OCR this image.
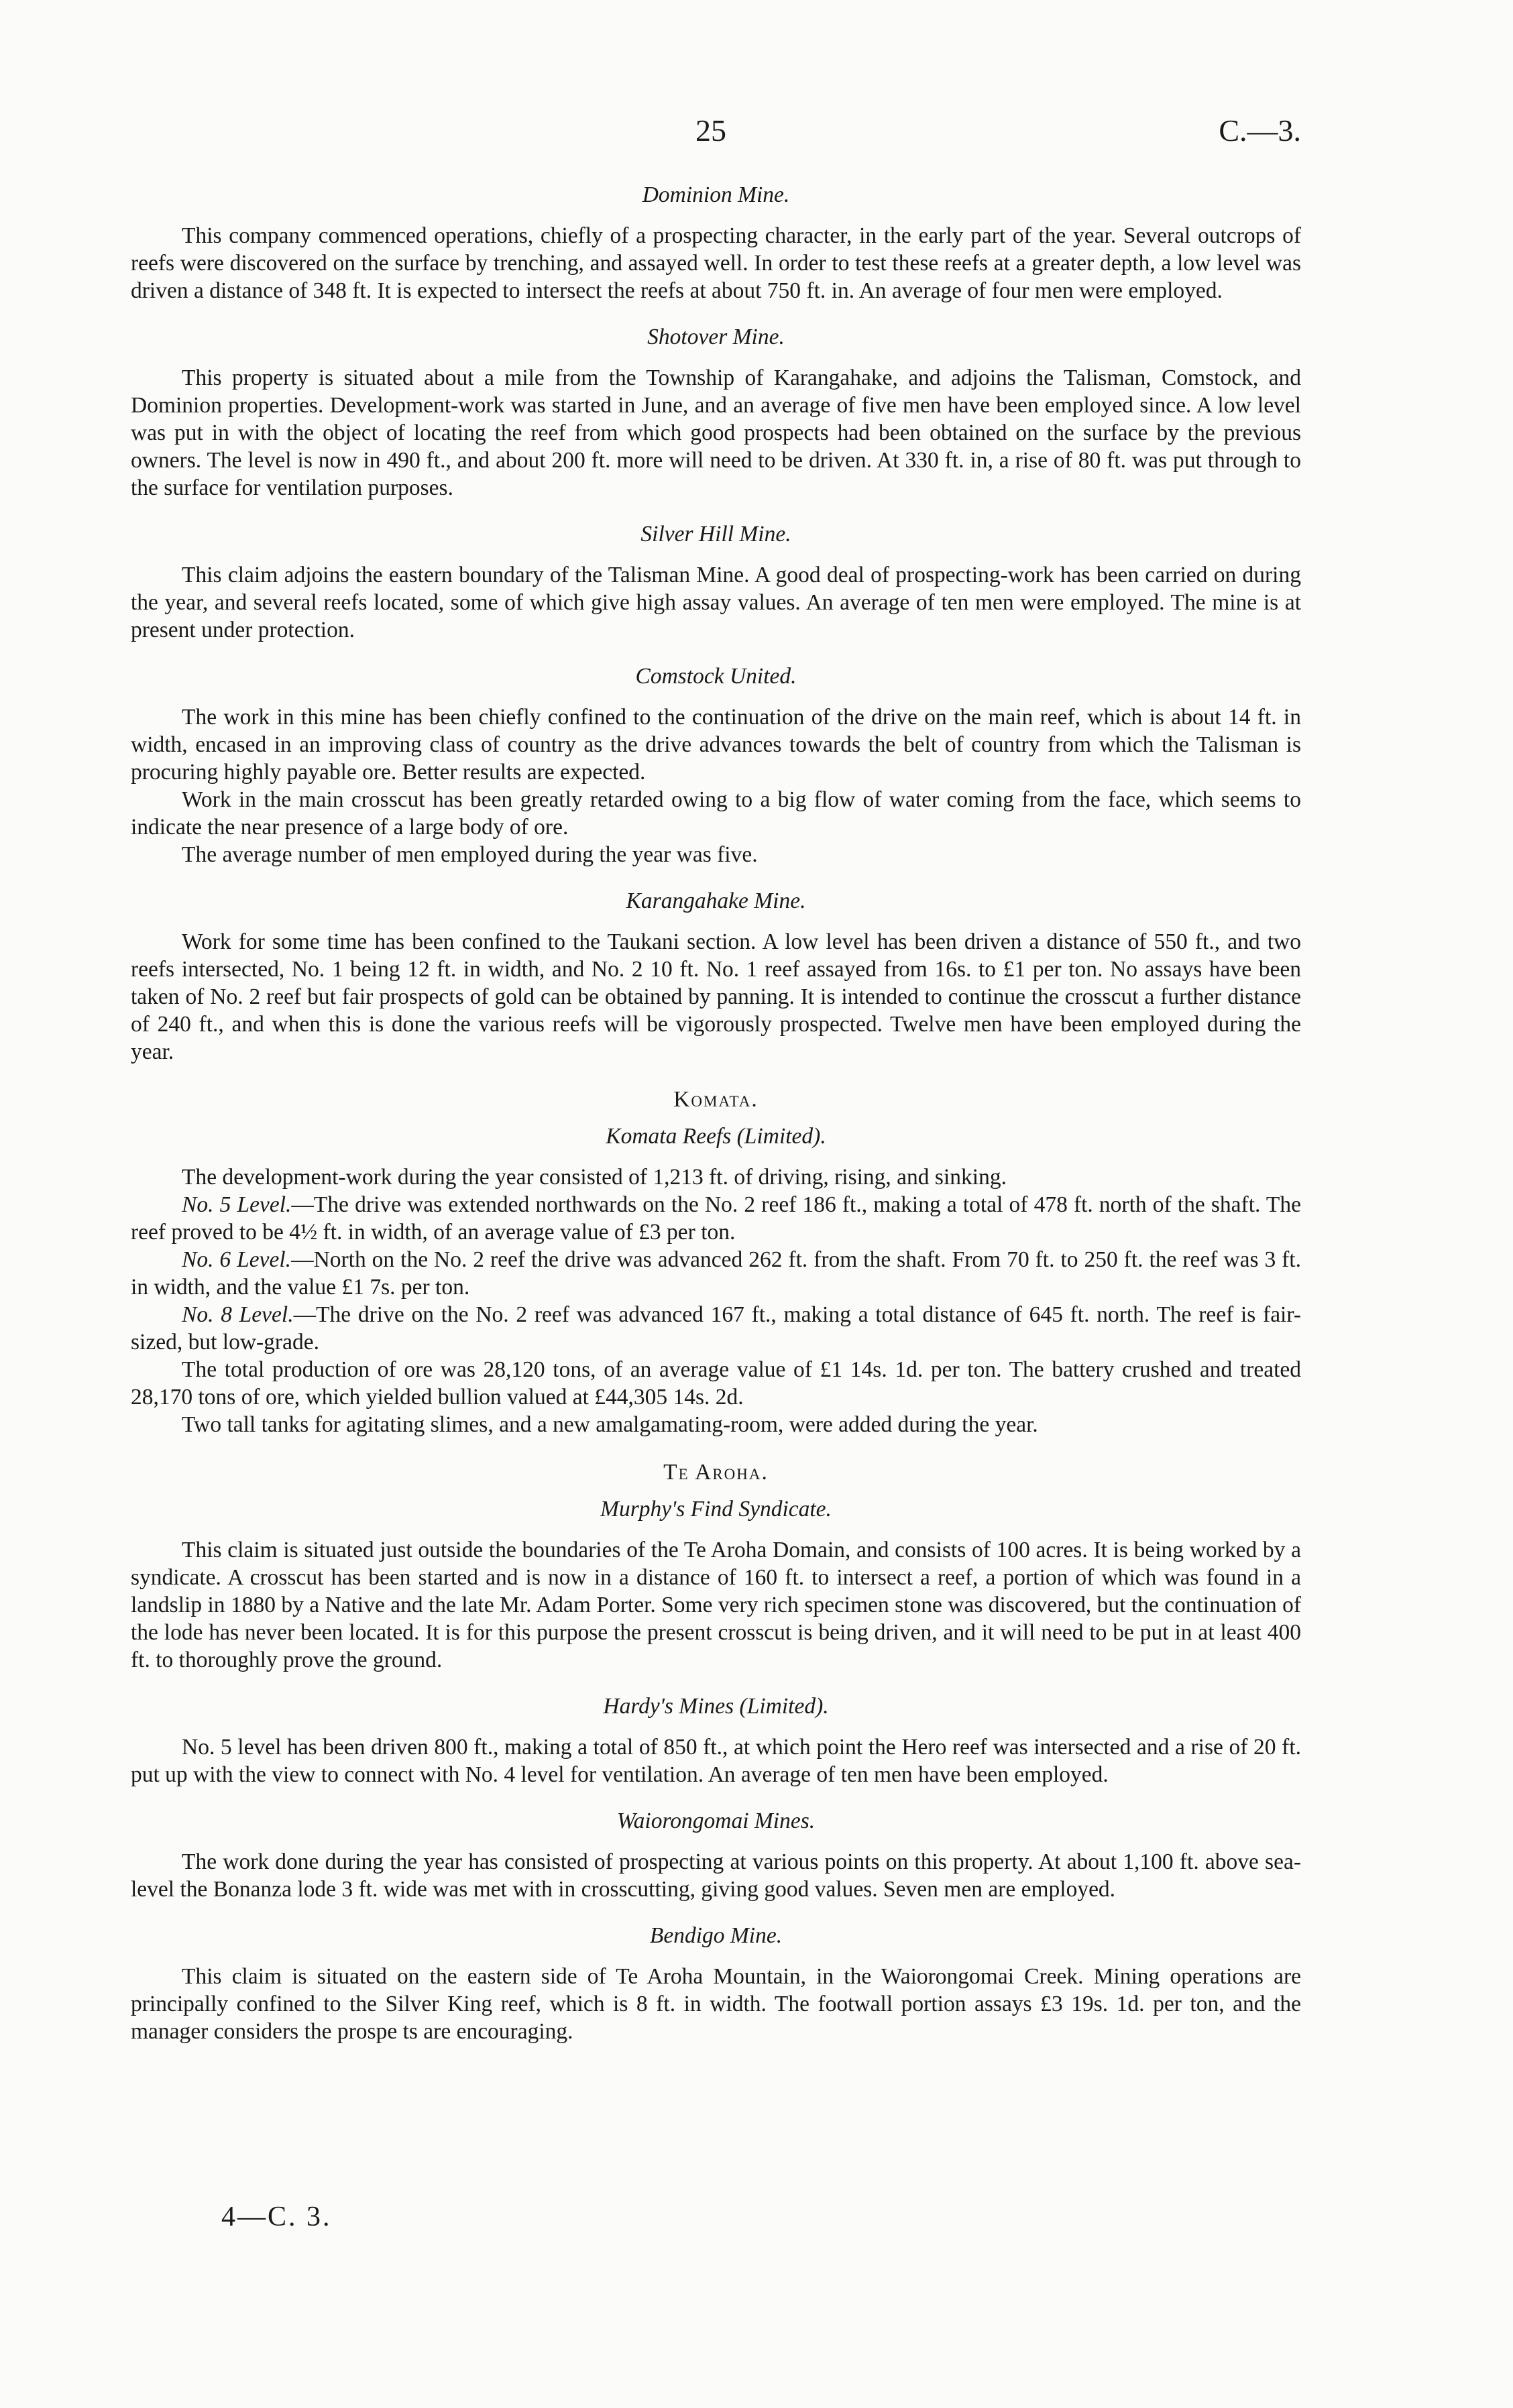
25	C.—3.
Dominion Mine.

This company commenced operations, chiefly of a prospecting character, in the early part of the year. Several outcrops of reefs were discovered on the surface by trenching, and assayed well. In order to test these reefs at a greater depth, a low level was driven a distance of 348 ft. It is expected to intersect the reefs at about 750 ft. in. An average of four men were employed.

Shotover Mine.

This property is situated about a mile from the Township of Karangahake, and adjoins the Talisman, Comstock, and Dominion properties. Development-work was started in June, and an average of five men have been employed since. A low level was put in with the object of locating the reef from which good prospects had been obtained on the surface by the previous owners. The level is now in 490 ft., and about 200 ft. more will need to be driven. At 330 ft. in, a rise of 80 ft. was put through to the surface for ventilation purposes.

Silver Hill Mine.

This claim adjoins the eastern boundary of the Talisman Mine. A good deal of prospecting-work has been carried on during the year, and several reefs located, some of which give high assay values. An average of ten men were employed. The mine is at present under protection.

Comstock United.

The work in this mine has been chiefly confined to the continuation of the drive on the main reef, which is about 14 ft. in width, encased in an improving class of country as the drive advances towards the belt of country from which the Talisman is procuring highly payable ore. Better results are expected.

Work in the main crosscut has been greatly retarded owing to a big flow of water coming from the face, which seems to indicate the near presence of a large body of ore.

The average number of men employed during the year was five.

Karangahake Mine.

Work for some time has been confined to the Taukani section. A low level has been driven a distance of 550 ft., and two reefs intersected, No. 1 being 12 ft. in width, and No. 2 10 ft. No. 1 reef assayed from 16s. to £1 per ton. No assays have been taken of No. 2 reef but fair prospects of gold can be obtained by panning. It is intended to continue the crosscut a further distance of 240 ft., and when this is done the various reefs will be vigorously prospected. Twelve men have been employed during the year.

Komata.
Komata Reefs (Limited).

The development-work during the year consisted of 1,213 ft. of driving, rising, and sinking.

No. 5 Level.—The drive was extended northwards on the No. 2 reef 186 ft., making a total of 478 ft. north of the shaft. The reef proved to be 4½ ft. in width, of an average value of £3 per ton.

No. 6 Level.—North on the No. 2 reef the drive was advanced 262 ft. from the shaft. From 70 ft. to 250 ft. the reef was 3 ft. in width, and the value £1 7s. per ton.

No. 8 Level.—The drive on the No. 2 reef was advanced 167 ft., making a total distance of 645 ft. north. The reef is fair-sized, but low-grade.

The total production of ore was 28,120 tons, of an average value of £1 14s. 1d. per ton. The battery crushed and treated 28,170 tons of ore, which yielded bullion valued at £44,305 14s. 2d.

Two tall tanks for agitating slimes, and a new amalgamating-room, were added during the year.

Te Aroha.
Murphy's Find Syndicate.

This claim is situated just outside the boundaries of the Te Aroha Domain, and consists of 100 acres. It is being worked by a syndicate. A crosscut has been started and is now in a distance of 160 ft. to intersect a reef, a portion of which was found in a landslip in 1880 by a Native and the late Mr. Adam Porter. Some very rich specimen stone was discovered, but the continuation of the lode has never been located. It is for this purpose the present crosscut is being driven, and it will need to be put in at least 400 ft. to thoroughly prove the ground.

Hardy's Mines (Limited).

No. 5 level has been driven 800 ft., making a total of 850 ft., at which point the Hero reef was intersected and a rise of 20 ft. put up with the view to connect with No. 4 level for ventilation. An average of ten men have been employed.

Waiorongomai Mines.

The work done during the year has consisted of prospecting at various points on this property. At about 1,100 ft. above sea-level the Bonanza lode 3 ft. wide was met with in crosscutting, giving good values. Seven men are employed.

Bendigo Mine.

This claim is situated on the eastern side of Te Aroha Mountain, in the Waiorongomai Creek. Mining operations are principally confined to the Silver King reef, which is 8 ft. in width. The footwall portion assays £3 19s. 1d. per ton, and the manager considers the prospe ts are encouraging.

4—C. 3.
